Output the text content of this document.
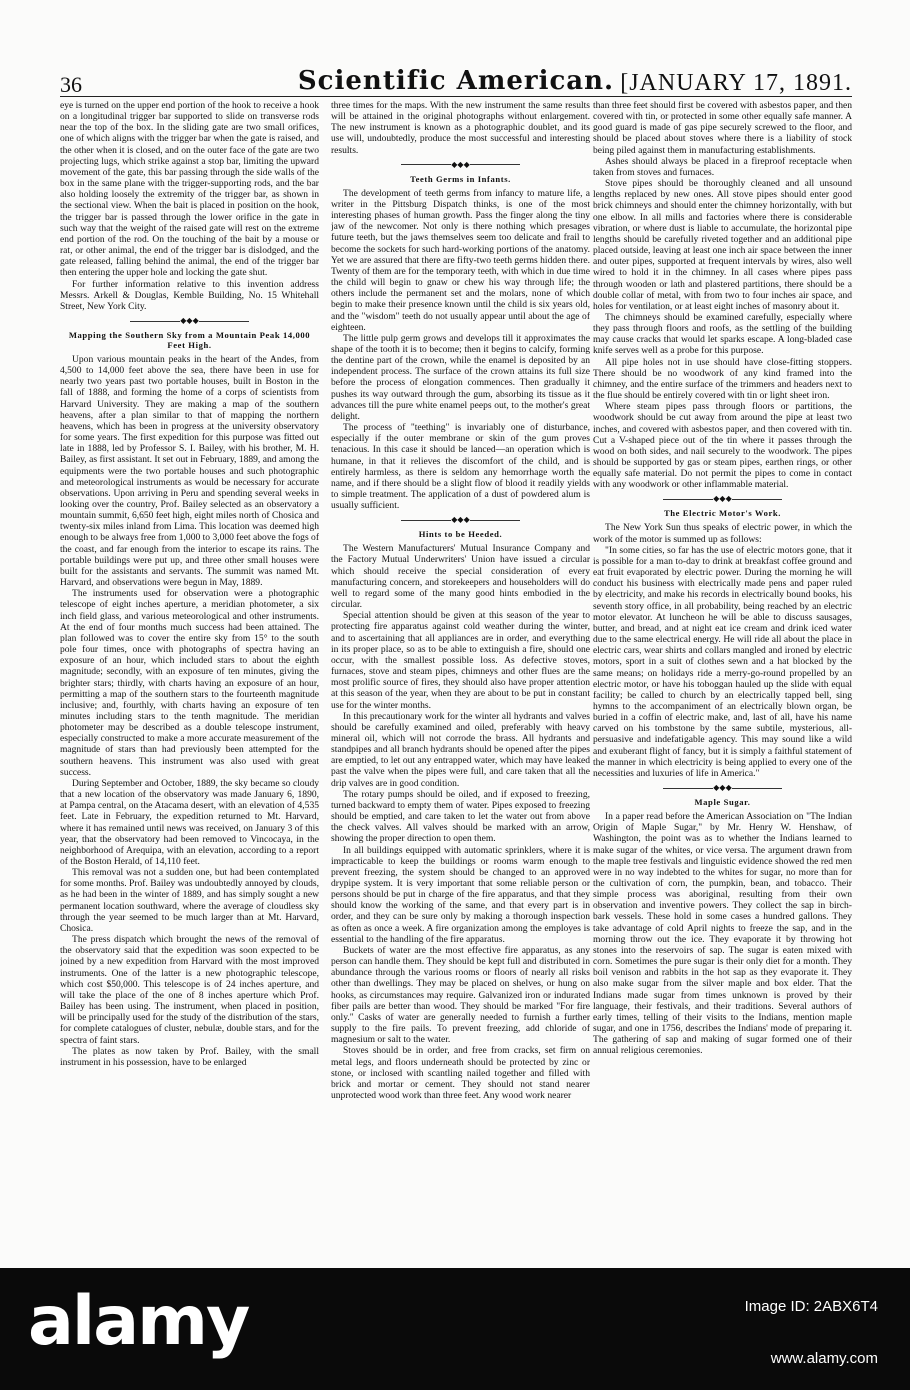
36	Scientific American. [JANUARY 17, 1891.

eye is turned on the upper end portion of the hook to receive a hook on a longitudinal trigger bar supported to slide on transverse rods near the top of the box. In the sliding gate are two small orifices, one of which aligns with the trigger bar when the gate is raised, and the other when it is closed, and on the outer face of the gate are two projecting lugs, which strike against a stop bar, limiting the upward movement of the gate, this bar passing through the side walls of the box in the same plane with the trigger-supporting rods, and the bar also holding loosely the extremity of the trigger bar, as shown in the sectional view. When the bait is placed in position on the hook, the trigger bar is passed through the lower orifice in the gate in such way that the weight of the raised gate will rest on the extreme end portion of the rod. On the touching of the bait by a mouse or rat, or other animal, the end of the trigger bar is dislodged, and the gate released, falling behind the animal, the end of the trigger bar then entering the upper hole and locking the gate shut.

For further information relative to this invention address Messrs. Arkell & Douglas, Kemble Building, No. 15 Whitehall Street, New York City.

◆◆◆
Mapping the Southern Sky from a Mountain Peak 14,000 Feet High.

Upon various mountain peaks in the heart of the Andes, from 4,500 to 14,000 feet above the sea, there have been in use for nearly two years past two portable houses, built in Boston in the fall of 1888, and forming the home of a corps of scientists from Harvard University. They are making a map of the southern heavens, after a plan similar to that of mapping the northern heavens, which has been in progress at the university observatory for some years. The first expedition for this purpose was fitted out late in 1888, led by Professor S. I. Bailey, with his brother, M. H. Bailey, as first assistant. It set out in February, 1889, and among the equipments were the two portable houses and such photographic and meteorological instruments as would be necessary for accurate observations. Upon arriving in Peru and spending several weeks in looking over the country, Prof. Bailey selected as an observatory a mountain summit, 6,650 feet high, eight miles north of Chosica and twenty-six miles inland from Lima. This location was deemed high enough to be always free from 1,000 to 3,000 feet above the fogs of the coast, and far enough from the interior to escape its rains. The portable buildings were put up, and three other small houses were built for the assistants and servants. The summit was named Mt. Harvard, and observations were begun in May, 1889.

The instruments used for observation were a photographic telescope of eight inches aperture, a meridian photometer, a six inch field glass, and various meteorological and other instruments. At the end of four months much success had been attained. The plan followed was to cover the entire sky from 15° to the south pole four times, once with photographs of spectra having an exposure of an hour, which included stars to about the eighth magnitude; secondly, with an exposure of ten minutes, giving the brighter stars; thirdly, with charts having an exposure of an hour, permitting a map of the southern stars to the fourteenth magnitude inclusive; and, fourthly, with charts having an exposure of ten minutes including stars to the tenth magnitude. The meridian photometer may be described as a double telescope instrument, especially constructed to make a more accurate measurement of the magnitude of stars than had previously been attempted for the southern heavens. This instrument was also used with great success.

During September and October, 1889, the sky became so cloudy that a new location of the observatory was made January 6, 1890, at Pampa central, on the Atacama desert, with an elevation of 4,535 feet. Late in February, the expedition returned to Mt. Harvard, where it has remained until news was received, on January 3 of this year, that the observatory had been removed to Vincocaya, in the neighborhood of Arequipa, with an elevation, according to a report of the Boston Herald, of 14,110 feet.

This removal was not a sudden one, but had been contemplated for some months. Prof. Bailey was undoubtedly annoyed by clouds, as he had been in the winter of 1889, and has simply sought a new permanent location southward, where the average of cloudless sky through the year seemed to be much larger than at Mt. Harvard, Chosica.

The press dispatch which brought the news of the removal of the observatory said that the expedition was soon expected to be joined by a new expedition from Harvard with the most improved instruments. One of the latter is a new photographic telescope, which cost $50,000. This telescope is of 24 inches aperture, and will take the place of the one of 8 inches aperture which Prof. Bailey has been using. The instrument, when placed in position, will be principally used for the study of the distribution of the stars, for complete catalogues of cluster, nebulæ, double stars, and for the spectra of faint stars.

The plates as now taken by Prof. Bailey, with the small instrument in his possession, have to be enlarged

three times for the maps. With the new instrument the same results will be attained in the original photographs without enlargement. The new instrument is known as a photographic doublet, and its use will, undoubtedly, produce the most successful and interesting results.

◆◆◆
Teeth Germs in Infants.

The development of teeth germs from infancy to mature life, a writer in the Pittsburg Dispatch thinks, is one of the most interesting phases of human growth. Pass the finger along the tiny jaw of the newcomer. Not only is there nothing which presages future teeth, but the jaws themselves seem too delicate and frail to become the sockets for such hard-working portions of the anatomy. Yet we are assured that there are fifty-two teeth germs hidden there. Twenty of them are for the temporary teeth, with which in due time the child will begin to gnaw or chew his way through life; the others include the permanent set and the molars, none of which begin to make their presence known until the child is six years old, and the "wisdom" teeth do not usually appear until about the age of eighteen.

The little pulp germ grows and develops till it approximates the shape of the tooth it is to become; then it begins to calcify, forming the dentine part of the crown, while the enamel is deposited by an independent process. The surface of the crown attains its full size before the process of elongation commences. Then gradually it pushes its way outward through the gum, absorbing its tissue as it advances till the pure white enamel peeps out, to the mother's great delight.

The process of "teething" is invariably one of disturbance, especially if the outer membrane or skin of the gum proves tenacious. In this case it should be lanced—an operation which is humane, in that it relieves the discomfort of the child, and is entirely harmless, as there is seldom any hemorrhage worth the name, and if there should be a slight flow of blood it readily yields to simple treatment. The application of a dust of powdered alum is usually sufficient.

◆◆◆
Hints to be Heeded.

The Western Manufacturers' Mutual Insurance Company and the Factory Mutual Underwriters' Union have issued a circular which should receive the special consideration of every manufacturing concern, and storekeepers and householders will do well to regard some of the many good hints embodied in the circular.

Special attention should be given at this season of the year to protecting fire apparatus against cold weather during the winter, and to ascertaining that all appliances are in order, and everything in its proper place, so as to be able to extinguish a fire, should one occur, with the smallest possible loss. As defective stoves, furnaces, stove and steam pipes, chimneys and other flues are the most prolific source of fires, they should also have proper attention at this season of the year, when they are about to be put in constant use for the winter months.

In this precautionary work for the winter all hydrants and valves should be carefully examined and oiled, preferably with heavy mineral oil, which will not corrode the brass. All hydrants and standpipes and all branch hydrants should be opened after the pipes are emptied, to let out any entrapped water, which may have leaked past the valve when the pipes were full, and care taken that all the drip valves are in good condition.

The rotary pumps should be oiled, and if exposed to freezing, turned backward to empty them of water. Pipes exposed to freezing should be emptied, and care taken to let the water out from above the check valves. All valves should be marked with an arrow, showing the proper direction to open them.

In all buildings equipped with automatic sprinklers, where it is impracticable to keep the buildings or rooms warm enough to prevent freezing, the system should be changed to an approved drypipe system. It is very important that some reliable person or persons should be put in charge of the fire apparatus, and that they should know the working of the same, and that every part is in order, and they can be sure only by making a thorough inspection as often as once a week. A fire organization among the employes is essential to the handling of the fire apparatus.

Buckets of water are the most effective fire apparatus, as any person can handle them. They should be kept full and distributed in abundance through the various rooms or floors of nearly all risks other than dwellings. They may be placed on shelves, or hung on hooks, as circumstances may require. Galvanized iron or indurated fiber pails are better than wood. They should be marked "For fire only." Casks of water are generally needed to furnish a further supply to the fire pails. To prevent freezing, add chloride of magnesium or salt to the water.

Stoves should be in order, and free from cracks, set firm on metal legs, and floors underneath should be protected by zinc or stone, or inclosed with scantling nailed together and filled with brick and mortar or cement. They should not stand nearer unprotected wood work than three feet. Any wood work nearer

than three feet should first be covered with asbestos paper, and then covered with tin, or protected in some other equally safe manner. A good guard is made of gas pipe securely screwed to the floor, and should be placed about stoves where there is a liability of stock being piled against them in manufacturing establishments.

Ashes should always be placed in a fireproof receptacle when taken from stoves and furnaces.

Stove pipes should be thoroughly cleaned and all unsound lengths replaced by new ones. All stove pipes should enter good brick chimneys and should enter the chimney horizontally, with but one elbow. In all mills and factories where there is considerable vibration, or where dust is liable to accumulate, the horizontal pipe lengths should be carefully riveted together and an additional pipe placed outside, leaving at least one inch air space between the inner and outer pipes, supported at frequent intervals by wires, also well wired to hold it in the chimney. In all cases where pipes pass through wooden or lath and plastered partitions, there should be a double collar of metal, with from two to four inches air space, and holes for ventilation, or at least eight inches of masonry about it.

The chimneys should be examined carefully, especially where they pass through floors and roofs, as the settling of the building may cause cracks that would let sparks escape. A long-bladed case knife serves well as a probe for this purpose.

All pipe holes not in use should have close-fitting stoppers. There should be no woodwork of any kind framed into the chimney, and the entire surface of the trimmers and headers next to the flue should be entirely covered with tin or light sheet iron.

Where steam pipes pass through floors or partitions, the woodwork should be cut away from around the pipe at least two inches, and covered with asbestos paper, and then covered with tin. Cut a V-shaped piece out of the tin where it passes through the wood on both sides, and nail securely to the woodwork. The pipes should be supported by gas or steam pipes, earthen rings, or other equally safe material. Do not permit the pipes to come in contact with any woodwork or other inflammable material.

◆◆◆
The Electric Motor's Work.

The New York Sun thus speaks of electric power, in which the work of the motor is summed up as follows:

"In some cities, so far has the use of electric motors gone, that it is possible for a man to-day to drink at breakfast coffee ground and eat fruit evaporated by electric power. During the morning he will conduct his business with electrically made pens and paper ruled by electricity, and make his records in electrically bound books, his seventh story office, in all probability, being reached by an electric motor elevator. At luncheon he will be able to discuss sausages, butter, and bread, and at night eat ice cream and drink iced water due to the same electrical energy. He will ride all about the place in electric cars, wear shirts and collars mangled and ironed by electric motors, sport in a suit of clothes sewn and a hat blocked by the same means; on holidays ride a merry-go-round propelled by an electric motor, or have his toboggan hauled up the slide with equal facility; be called to church by an electrically tapped bell, sing hymns to the accompaniment of an electrically blown organ, be buried in a coffin of electric make, and, last of all, have his name carved on his tombstone by the same subtile, mysterious, all-persuasive and indefatigable agency. This may sound like a wild and exuberant flight of fancy, but it is simply a faithful statement of the manner in which electricity is being applied to every one of the necessities and luxuries of life in America."

◆◆◆
Maple Sugar.

In a paper read before the American Association on "The Indian Origin of Maple Sugar," by Mr. Henry W. Henshaw, of Washington, the point was as to whether the Indians learned to make sugar of the whites, or vice versa. The argument drawn from the maple tree festivals and linguistic evidence showed the red men were in no way indebted to the whites for sugar, no more than for the cultivation of corn, the pumpkin, bean, and tobacco. Their simple process was aboriginal, resulting from their own observation and inventive powers. They collect the sap in birch-bark vessels. These hold in some cases a hundred gallons. They take advantage of cold April nights to freeze the sap, and in the morning throw out the ice. They evaporate it by throwing hot stones into the reservoirs of sap. The sugar is eaten mixed with corn. Sometimes the pure sugar is their only diet for a month. They boil venison and rabbits in the hot sap as they evaporate it. They also make sugar from the silver maple and box elder. That the Indians made sugar from times unknown is proved by their language, their festivals, and their traditions. Several authors of early times, telling of their visits to the Indians, mention maple sugar, and one in 1756, describes the Indians' mode of preparing it. The gathering of sap and making of sugar formed one of their annual religious ceremonies.

alamy	Image ID: 2ABX6T4
www.alamy.com
